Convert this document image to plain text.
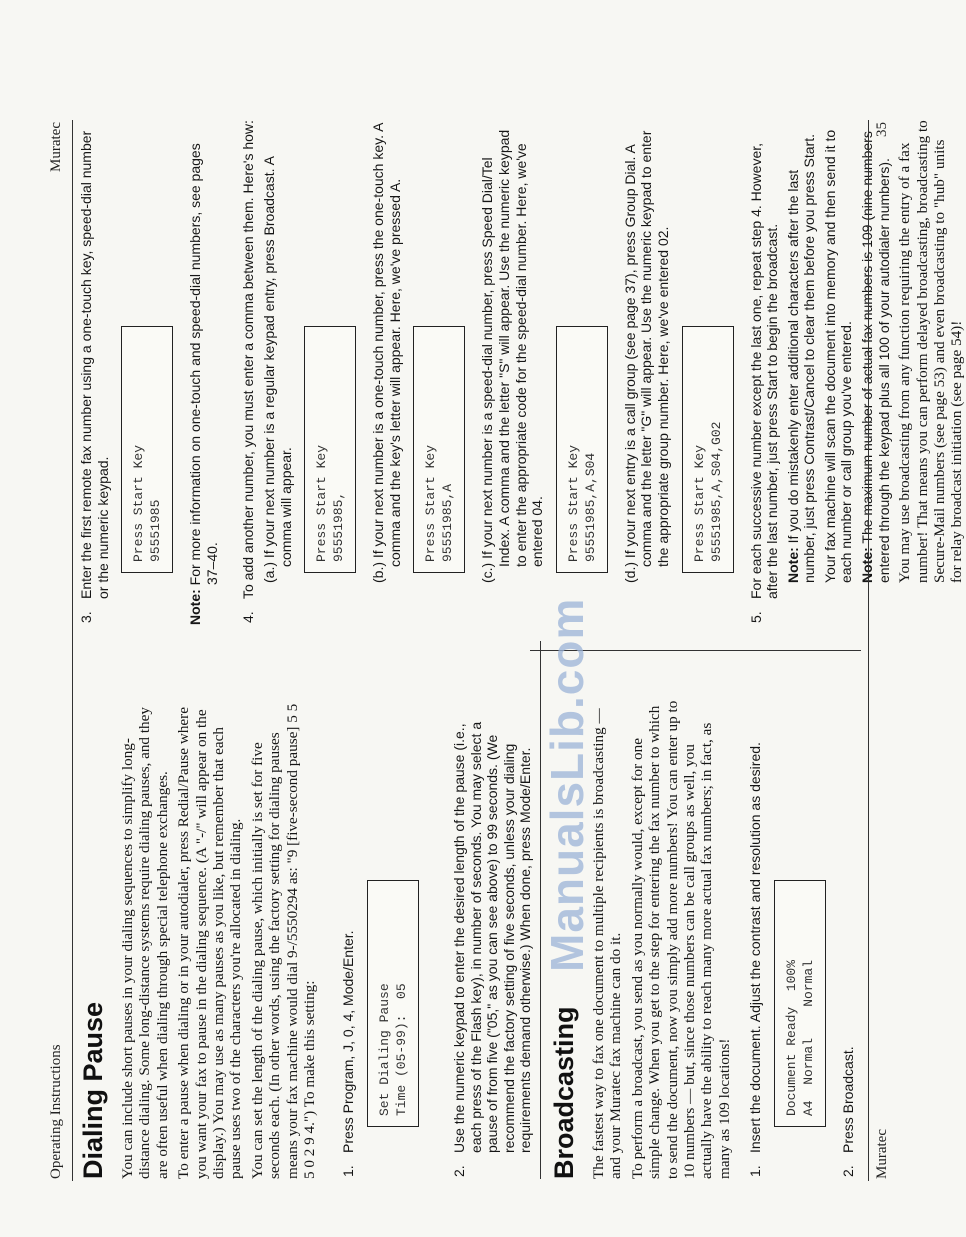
Operating Instructions
Muratec
Dialing Pause You can include short pauses in your dialing sequences to simplify long-distance dialing. Some long-distance systems require dialing pauses, and they are often useful when dialing through special telephone exchanges. To enter a pause when dialing or in your autodialer, press Redial/Pause where you want your fax to pause in the dialing sequence. (A "-/" will appear on the display.) You may use as many pauses as you like, but remember that each pause uses two of the characters you're allocated in dialing. You can set the length of the dialing pause, which initially is set for five seconds each. (In other words, using the factory setting for dialing pauses means your fax machine would dial 9-/5550294 as: "9 [five-second pause] 5 5 5 0 2 9 4.") To make this setting: 1.
Press Program, J, 0, 4, Mode/Enter.	Set Dialing Pause
Time (05-99):  05
2.
Use the numeric keypad to enter the desired length of the pause (i.e., each press of the Flash key), in number of seconds. You may select a pause of from five ("05," as you can see above) to 99 seconds. (We recommend the factory setting of five seconds, unless your dialing requirements demand otherwise.) When done, press Mode/Enter. Broadcasting The fastest way to fax one document to multiple recipients is broadcasting — and your Muratec fax machine can do it. To perform a broadcast, you send as you normally would, except for one simple change. When you get to the step for entering the fax number to which to send the document, now you simply add more numbers! You can enter up to 10 numbers — but, since those numbers can be call groups as well, you actually have the ability to reach many more actual fax numbers; in fact, as many as 109 locations! 1.
Insert the document. Adjust the contrast and resolution as desired.	Document Ready  100%
A4  Normal    Normal
2.
Press Broadcast.
3.
Enter the first remote fax number using a one-touch key, speed-dial number or the numeric keypad.	Press Start Key
95551985
Note: For more information on one-touch and speed-dial numbers, see pages 37–40.
4.
To add another number, you must enter a comma between them. Here's how: (a.) If your next number is a regular keypad entry, press Broadcast. A comma will appear.	Press Start Key
95551985,	(b.) If your next number is a one-touch number, press the one-touch key. A comma and the key's letter will appear. Here, we've pressed A.	Press Start Key
95551985,A	(c.) If your next number is a speed-dial number, press Speed Dial/Tel Index. A comma and the letter "S" will appear. Use the numeric keypad to enter the appropriate code for the speed-dial number. Here, we've entered 04.	Press Start Key
95551985,A,S04	(d.) If your next entry is a call group (see page 37), press Group Dial. A comma and the letter "G" will appear. Use the numeric keypad to enter the appropriate group number. Here, we've entered 02.	Press Start Key
95551985,A,S04,G02
5.
For each successive number except the last one, repeat step 4. However, after the last number, just press Start to begin the broadcast. Note: If you do mistakenly enter additional characters after the last number, just press Contrast/Cancel to clear them before you press Start. Your fax machine will scan the document into memory and then send it to each number or call group you've entered. Note: The maximum number of actual fax numbers is 109 (nine numbers entered through the keypad plus all 100 of your autodialer numbers). You may use broadcasting from any function requiring the entry of a fax number! That means you can perform delayed broadcasting, broadcasting to Secure-Mail numbers (see page 53) and even broadcasting to "hub" units for relay broadcast initiation (see page 54)!

Muratec
35
ManualsLib.com
